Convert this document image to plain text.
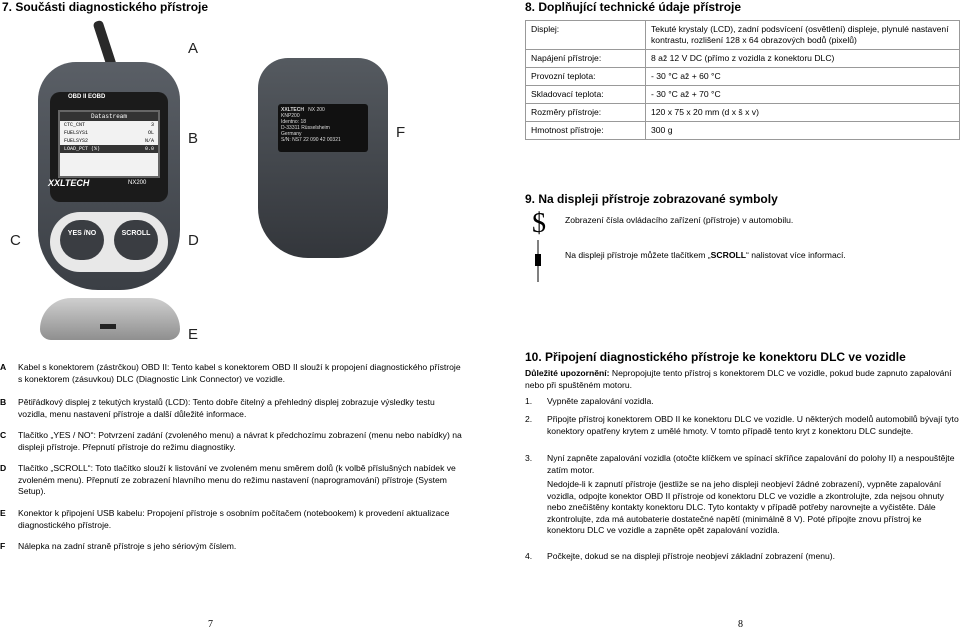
7. Součásti diagnostického přístroje
OBD II EOBD
Datastream
CTC_CNT	3
FUELSYS1	OL
FUELSYS2	N/A
LOAD_PCT (%)	0.0
XXLTECH	NX200
YES /NO	SCROLL
XXLTECH NX 200
KNP200
Identno: 18
D-33311 Rüsselsheim
Germany
S/N: NS7 22 090 42 00321
A
B
C	D
E
F
A Kabel s konektorem (zástrčkou) OBD II: Tento kabel s konektorem OBD II slouží k propojení diagnostického přístroje s konektorem (zásuvkou) DLC (Diagnostic Link Connector) ve vozidle.
B Pětiřádkový displej z tekutých krystalů (LCD): Tento dobře čitelný a přehledný displej zobrazuje výsledky testu vozidla, menu nastavení přístroje a další důležité informace.
C Tlačítko „YES / NO“: Potvrzení zadání (zvoleného menu) a návrat k předchozímu zobrazení (menu nebo nabídky) na displeji přístroje. Přepnutí přístroje do režimu diagnostiky.
D Tlačítko „SCROLL“: Toto tlačítko slouží k listování ve zvoleném menu směrem dolů (k volbě příslušných nabídek ve zvoleném menu). Přepnutí ze zobrazení hlavního menu do režimu nastavení (naprogramování) přístroje (System Setup).
E Konektor k připojení USB kabelu: Propojení přístroje s osobním počítačem (notebookem) k provedení aktualizace diagnostického přístroje.
F Nálepka na zadní straně přístroje s jeho sériovým číslem.
7
8. Doplňující technické údaje přístroje
Displej:	Tekuté krystaly (LCD), zadní podsvícení (osvětlení) displeje, plynulé nastavení kontrastu, rozlišení 128 x 64 obrazových bodů (pixelů)
Napájení přístroje:	8 až 12 V DC (přímo z vozidla z konektoru DLC)
Provozní teplota:	- 30 °C až + 60 °C
Skladovací teplota:	- 30 °C až + 70 °C
Rozměry přístroje:	120 x 75 x 20 mm (d x š x v)
Hmotnost přístroje:	300 g
9. Na displeji přístroje zobrazované symboly
$ Zobrazení čísla ovládacího zařízení (přístroje) v automobilu.
Na displeji přístroje můžete tlačítkem „SCROLL“ nalistovat více informací.
10. Připojení diagnostického přístroje ke konektoru DLC ve vozidle
Důležité upozornění: Nepropojujte tento přístroj s konektorem DLC ve vozidle, pokud bude zapnuto zapalování nebo při spuštěném motoru.
1. Vypněte zapalování vozidla.
2. Připojte přístroj konektorem OBD II ke konektoru DLC ve vozidle. U některých modelů automobilů bývají tyto konektory opatřeny krytem z umělé hmoty. V tomto případě tento kryt z konektoru DLC sundejte.
3. Nyní zapněte zapalování vozidla (otočte klíčkem ve spínací skříňce zapalování do polohy II) a nespouštějte zatím motor.
Nedojde-li k zapnutí přístroje (jestliže se na jeho displeji neobjeví žádné zobrazení), vypněte zapalování vozidla, odpojte konektor OBD II přístroje od konektoru DLC ve vozidle a zkontrolujte, zda nejsou ohnuty nebo znečištěny kontakty konektoru DLC. Tyto kontakty v případě potřeby narovnejte a vyčistěte. Dále zkontrolujte, zda má autobaterie dostatečné napětí (minimálně 8 V). Poté přípojte znovu přístroj ke konektoru DLC ve vozidle a zapněte opět zapalování vozidla.
4. Počkejte, dokud se na displeji přístroje neobjeví základní zobrazení (menu).
8
